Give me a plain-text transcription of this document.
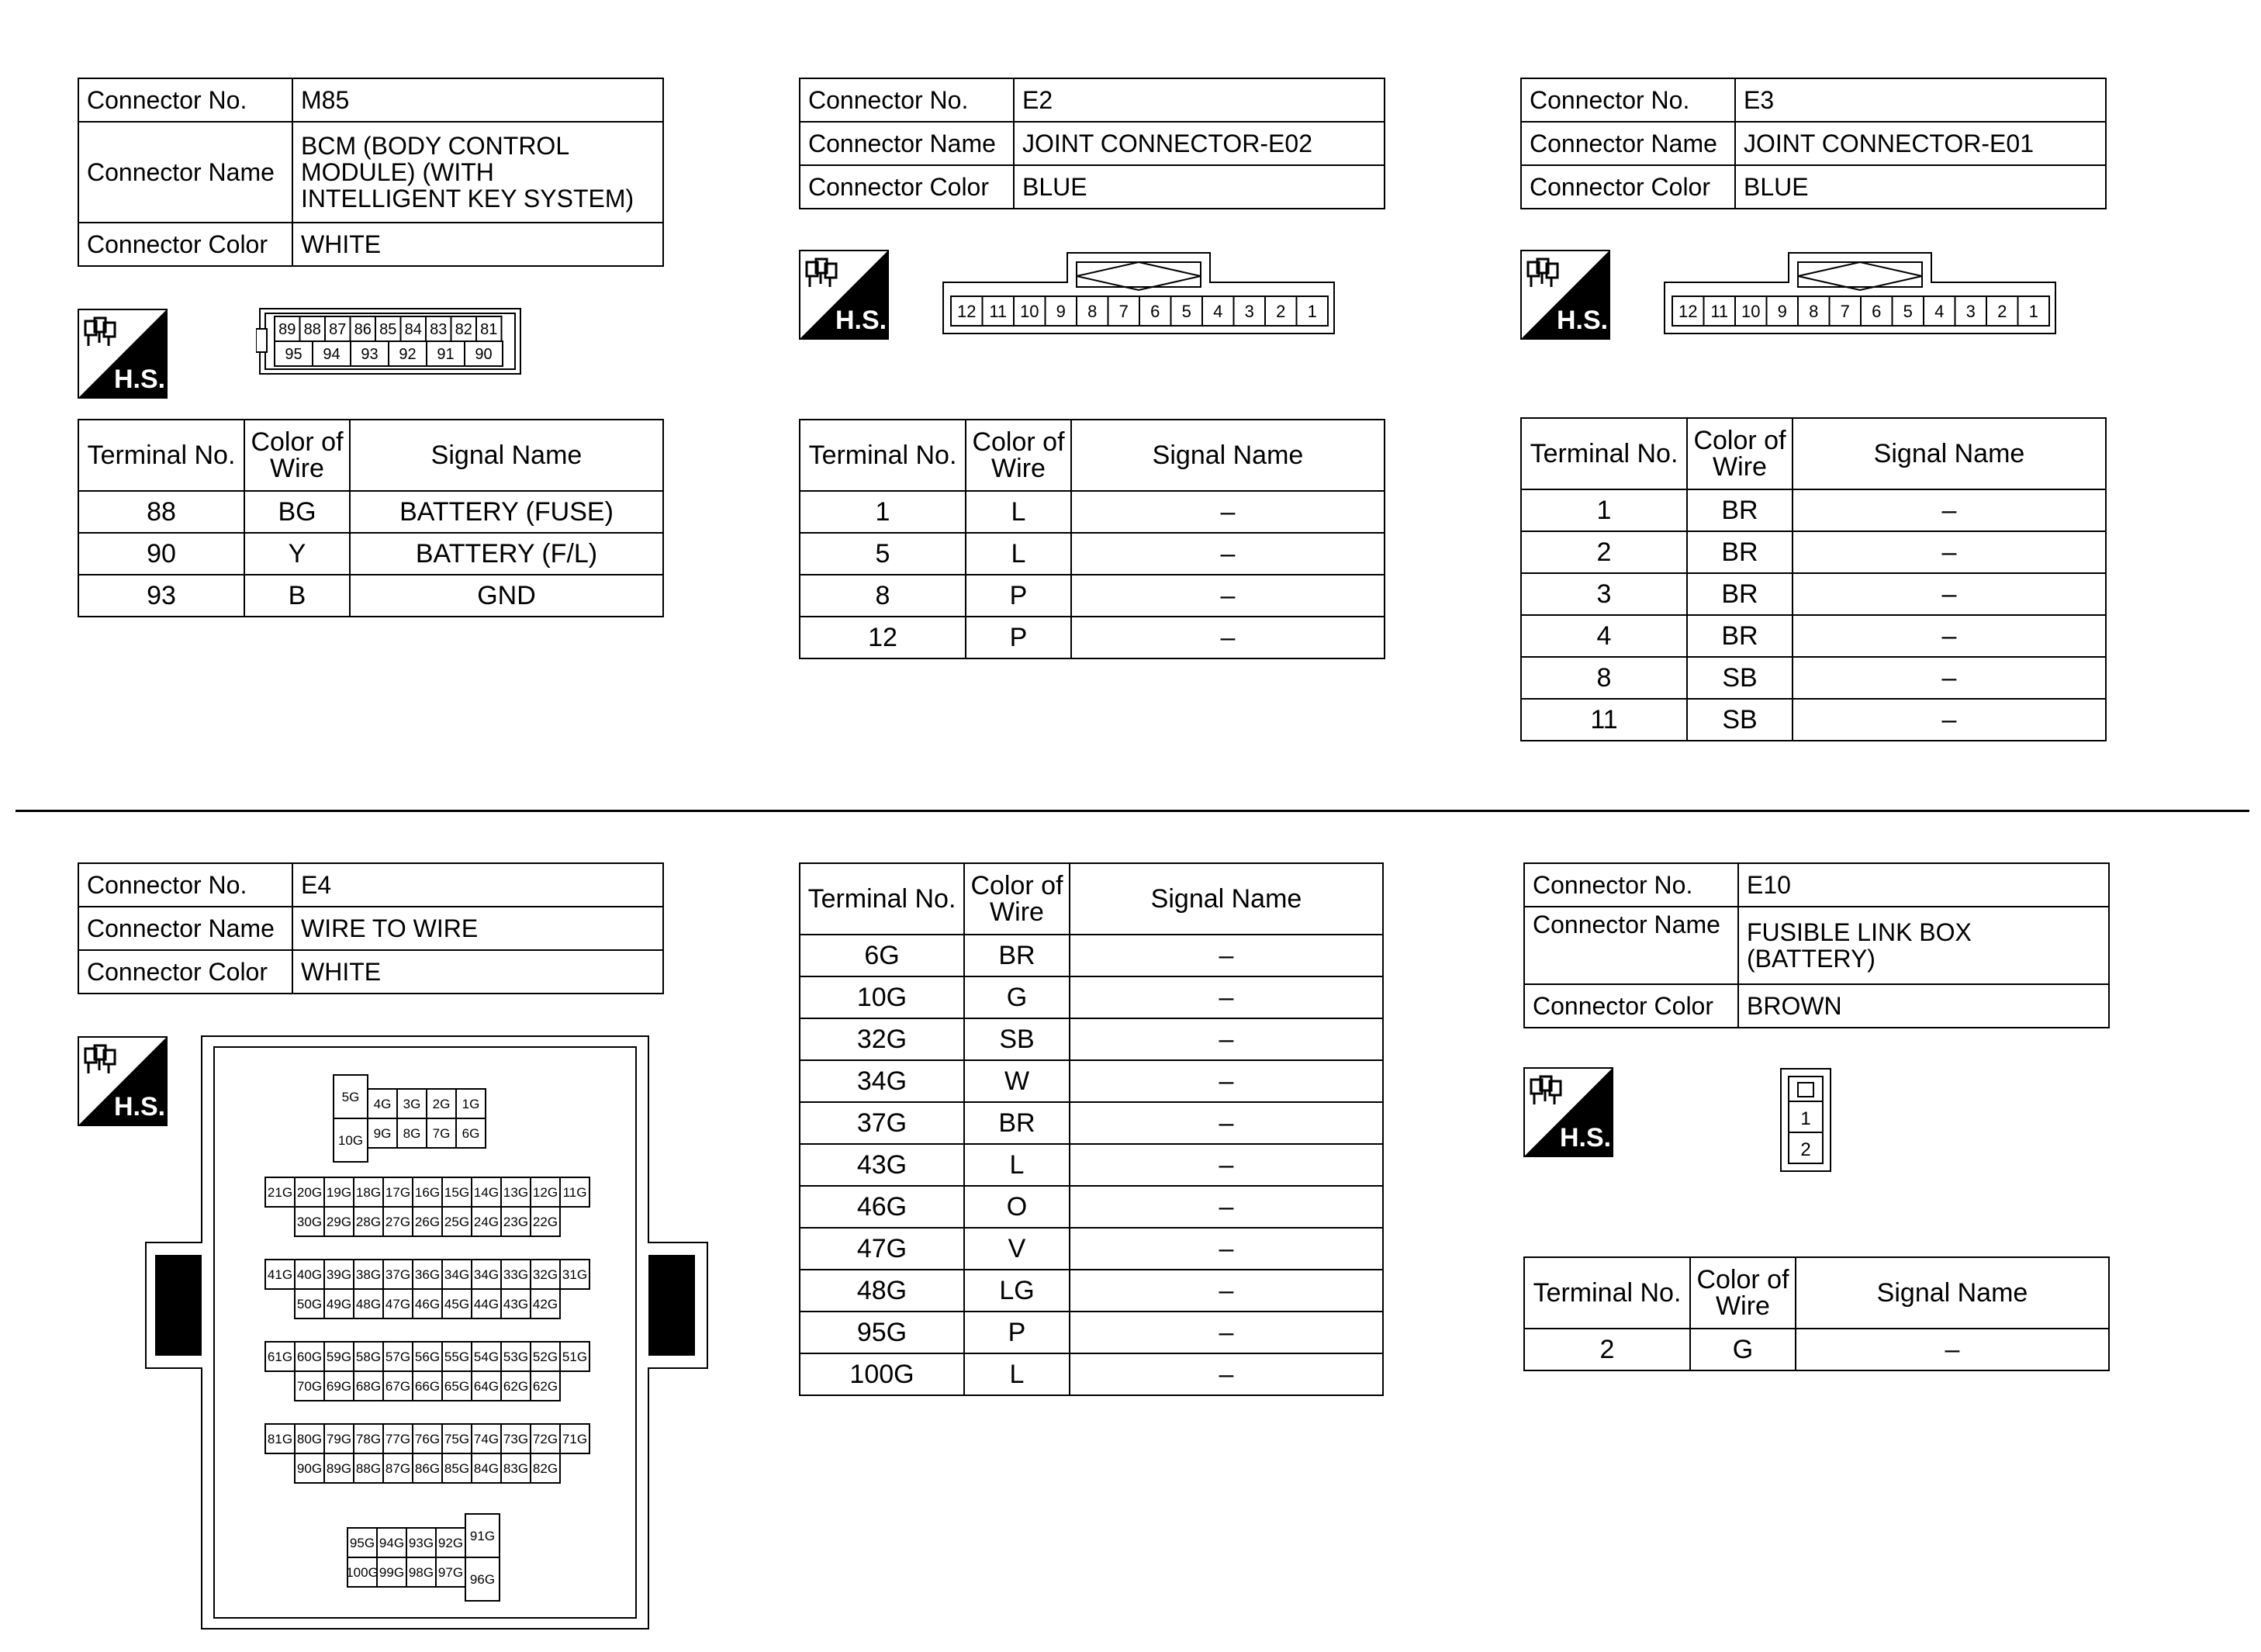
Connector No.	M85
Connector Name	BCM (BODY CONTROL
MODULE) (WITH
INTELLIGENT KEY SYSTEM)

Connector Color	WHITE
H.S.
89 88 87 86 85 84 83 82 81
95 94 93 92 91 90
Terminal No.	Color of
Wire	Signal Name
88	BG	BATTERY (FUSE)
90	Y	BATTERY (F/L)
93	B	GND
Connector No.	E2
Connector Name	JOINT CONNECTOR-E02
Connector Color	BLUE
H.S.	12 11 10 9 8 7 6 5 4 3 2 1
Terminal No.	Color of
Wire	Signal Name
1	L	–
5	L	–
8	P	–
12	P	–
Connector No.	E3
Connector Name	JOINT CONNECTOR-E01
Connector Color	BLUE
H.S.	12 11 10 9 8 7 6 5 4 3 2 1
Terminal No.	Color of
Wire	Signal Name
1	BR	–
2	BR	–
3	BR	–
4	BR	–
8	SB	–
11	SB	–
Connector No.	E4
Connector Name	WIRE TO WIRE
Connector Color	WHITE
H.S.	5G
10G
4G 3G 2G 1G
9G 8G 7G 6G
21G 20G 19G 18G 17G 16G 15G 14G 13G 12G 11G
30G 29G 28G 27G 26G 25G 24G 23G 22G
41G 40G 39G 38G 37G 36G 34G 34G 33G 32G 31G
50G 49G 48G 47G 46G 45G 44G 43G 42G
61G 60G 59G 58G 57G 56G 55G 54G 53G 52G 51G
70G 69G 68G 67G 66G 65G 64G 62G 62G
81G 80G 79G 78G 77G 76G 75G 74G 73G 72G 71G
90G 89G 88G 87G 86G 85G 84G 83G 82G
95G 94G 93G 92G
100G 99G 98G 97G
91G
96G
Terminal No.	Color of
Wire	Signal Name
6G	BR	–
10G	G	–
32G	SB	–
34G	W	–
37G	BR	–
43G	L	–
46G	O	–
47G	V	–
48G	LG	–
95G	P	–
100G	L	–
Connector No.	E10
Connector Name	FUSIBLE LINK BOX
(BATTERY)

Connector Color	BROWN
H.S.
1
2
Terminal No.	Color of
Wire	Signal Name
2	G	–
